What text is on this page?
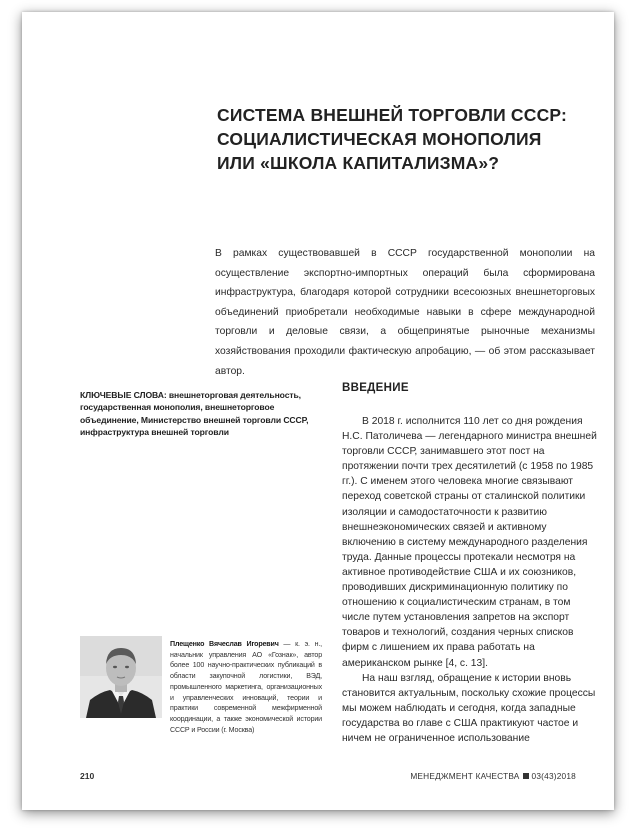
СИСТЕМА ВНЕШНЕЙ ТОРГОВЛИ СССР:
СОЦИАЛИСТИЧЕСКАЯ МОНОПОЛИЯ
ИЛИ «ШКОЛА КАПИТАЛИЗМА»?

В рамках существовавшей в СССР государственной монополии на осуществление экспортно-импортных операций была сформирована инфраструктура, благодаря которой сотрудники всесоюзных внешнеторговых объединений приобретали необходимые навыки в сфере международной торговли и деловые связи, а общепринятые рыночные механизмы хозяйствования проходили фактическую апробацию, — об этом рассказывает автор.

КЛЮЧЕВЫЕ СЛОВА: внешнеторговая деятельность, государственная монополия, внешнеторговое объединение, Министерство внешней торговли СССР, инфраструктура внешней торговли

ВВЕДЕНИЕ

В 2018 г. исполнится 110 лет со дня рождения Н.С. Патоличева — легендарного министра внешней торговли СССР, занимавшего этот пост на протяжении почти трех десятилетий (с 1958 по 1985 гг.). С именем этого человека многие связывают переход советской страны от сталинской политики изоляции и самодостаточности к развитию внешнеэкономических связей и активному включению в систему международного разделения труда. Данные процессы протекали несмотря на активное противодействие США и их союзников, проводивших дискриминационную политику по отношению к социалистическим странам, в том числе путем установления запретов на экспорт товаров и технологий, создания черных списков фирм с лишением их права работать на американском рынке [4, с. 13].

На наш взгляд, обращение к истории вновь становится актуальным, поскольку схожие процессы мы можем наблюдать и сегодня, когда западные государства во главе с США практикуют частое и ничем не ограниченное использование

Плещенко Вячеслав Игоревич — к. э. н., начальник управления АО «Гознак», автор более 100 научно-практических публикаций в области закупочной логистики, ВЭД, промышленного маркетинга, организационных и управленческих инноваций, теории и практики современной межфирменной координации, а также экономической истории СССР и России (г. Москва)

210	МЕНЕДЖМЕНТ КАЧЕСТВА 03(43)2018
